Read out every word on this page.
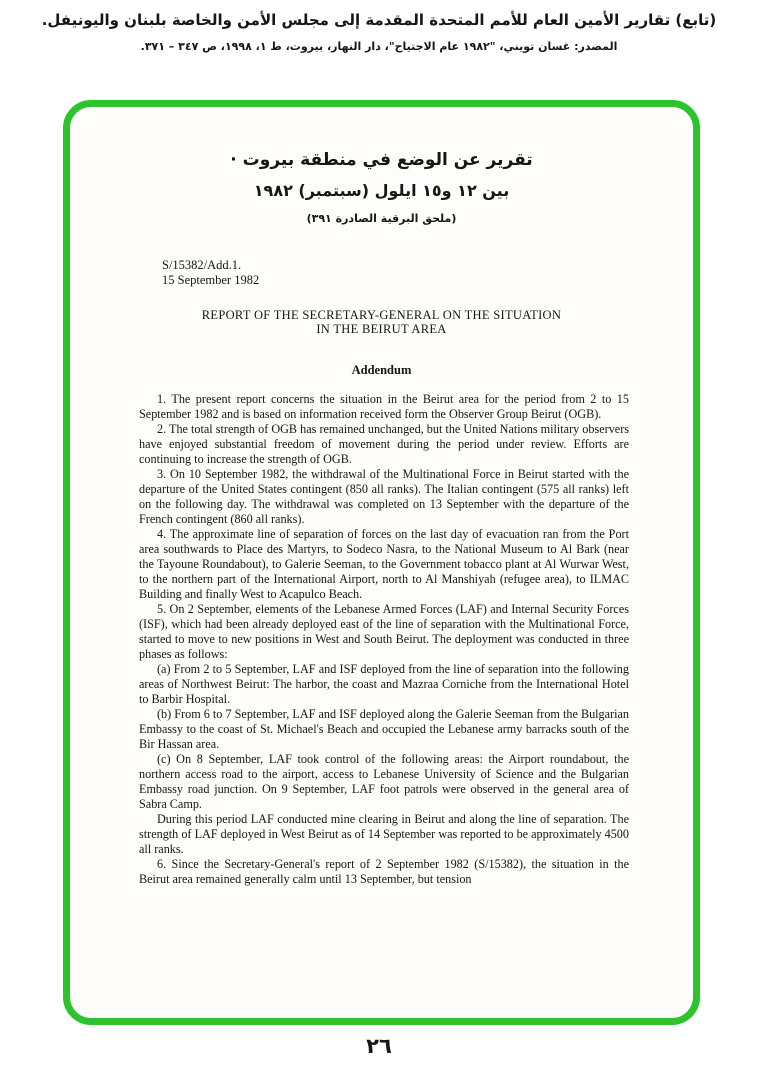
(تابع) تقارير الأمين العام للأمم المتحدة المقدمة إلى مجلس الأمن والخاصة بلبنان واليونيفل.
المصدر: غسان تويني، "١٩٨٢ عام الاجتياح"، دار النهار، بيروت، ط ١، ١٩٩٨، ص ٣٤٧ – ٣٧١.
تقرير عن الوضع في منطقة بيروت ·
بين ١٢ و١٥ ايلول (سبتمبر) ١٩٨٢
(ملحق البرقية الصادرة ٣٩١)
S/15382/Add.1.
15 September 1982
REPORT OF THE SECRETARY-GENERAL ON THE SITUATION
IN THE BEIRUT AREA
Addendum

1. The present report concerns the situation in the Beirut area for the period from 2 to 15 September 1982 and is based on information received form the Observer Group Beirut (OGB).

2. The total strength of OGB has remained unchanged, but the United Nations military observers have enjoyed substantial freedom of movement during the period under review. Efforts are continuing to increase the strength of OGB.

3. On 10 September 1982, the withdrawal of the Multinational Force in Beirut started with the departure of the United States contingent (850 all ranks). The Italian contingent (575 all ranks) left on the following day. The withdrawal was completed on 13 September with the departure of the French contingent (860 all ranks).

4. The approximate line of separation of forces on the last day of evacuation ran from the Port area southwards to Place des Martyrs, to Sodeco Nasra, to the National Museum to Al Bark (near the Tayoune Roundabout), to Galerie Seeman, to the Government tobacco plant at Al Wurwar West, to the northern part of the International Airport, north to Al Manshiyah (refugee area), to ILMAC Building and finally West to Acapulco Beach.

5. On 2 September, elements of the Lebanese Armed Forces (LAF) and Internal Security Forces (ISF), which had been already deployed east of the line of separation with the Multinational Force, started to move to new positions in West and South Beirut. The deployment was conducted in three phases as follows:

(a) From 2 to 5 September, LAF and ISF deployed from the line of separation into the following areas of Northwest Beirut: The harbor, the coast and Mazraa Corniche from the International Hotel to Barbir Hospital.

(b) From 6 to 7 September, LAF and ISF deployed along the Galerie Seeman from the Bulgarian Embassy to the coast of St. Michael's Beach and occupied the Lebanese army barracks south of the Bir Hassan area.

(c) On 8 September, LAF took control of the following areas: the Airport roundabout, the northern access road to the airport, access to Lebanese University of Science and the Bulgarian Embassy road junction. On 9 September, LAF foot patrols were observed in the general area of Sabra Camp.

During this period LAF conducted mine clearing in Beirut and along the line of separation. The strength of LAF deployed in West Beirut as of 14 September was reported to be approximately 4500 all ranks.

6. Since the Secretary-General's report of 2 September 1982 (S/15382), the situation in the Beirut area remained generally calm until 13 September, but tension

٢٦
